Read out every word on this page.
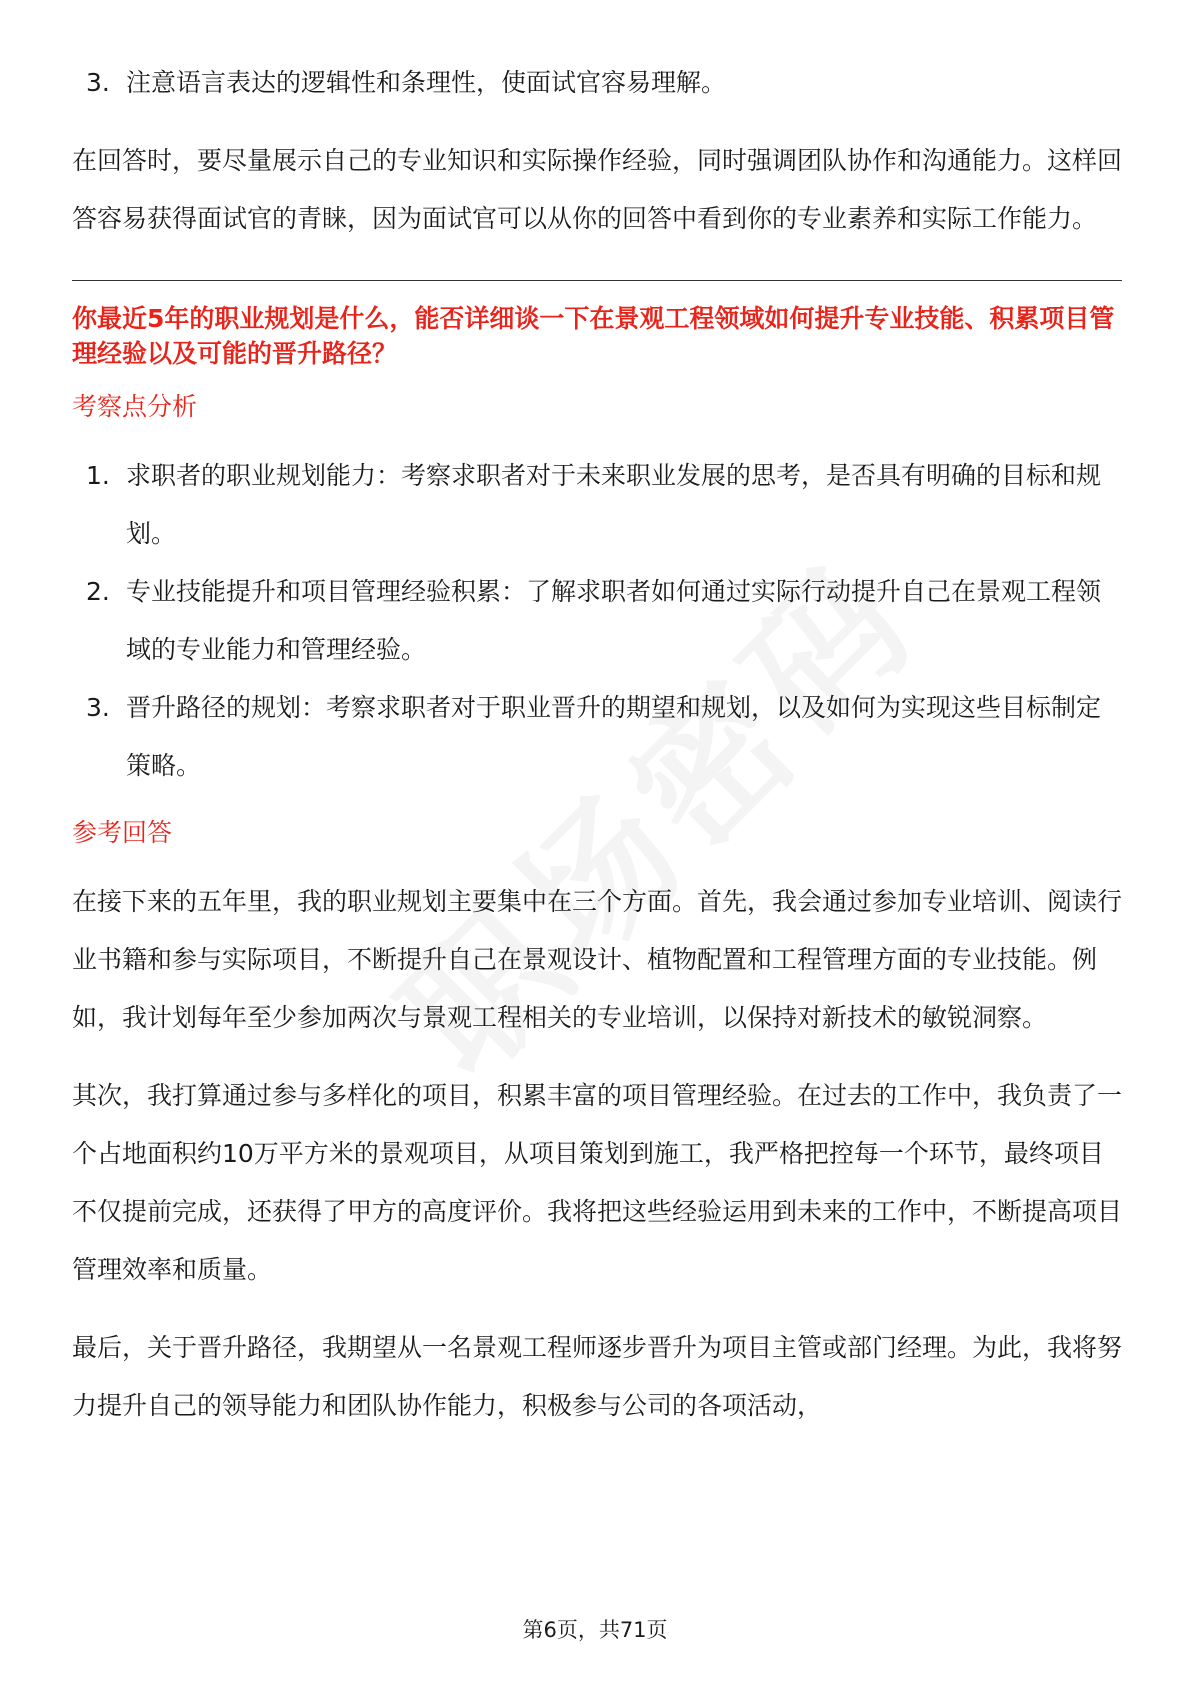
3. 注意语言表达的逻辑性和条理性，使面试官容易理解。

在回答时，要尽量展示自己的专业知识和实际操作经验，同时强调团队协作和沟通能力。这样回答容易获得面试官的青睐，因为面试官可以从你的回答中看到你的专业素养和实际工作能力。

你最近5年的职业规划是什么，能否详细谈一下在景观工程领域如何提升专业技能、积累项目管理经验以及可能的晋升路径？

考察点分析
1. 求职者的职业规划能力：考察求职者对于未来职业发展的思考，是否具有明确的目标和规划。
2. 专业技能提升和项目管理经验积累：了解求职者如何通过实际行动提升自己在景观工程领域的专业能力和管理经验。
3. 晋升路径的规划：考察求职者对于职业晋升的期望和规划，以及如何为实现这些目标制定策略。
参考回答

在接下来的五年里，我的职业规划主要集中在三个方面。首先，我会通过参加专业培训、阅读行业书籍和参与实际项目，不断提升自己在景观设计、植物配置和工程管理方面的专业技能。例如，我计划每年至少参加两次与景观工程相关的专业培训，以保持对新技术的敏锐洞察。

其次，我打算通过参与多样化的项目，积累丰富的项目管理经验。在过去的工作中，我负责了一个占地面积约10万平方米的景观项目，从项目策划到施工，我严格把控每一个环节，最终项目不仅提前完成，还获得了甲方的高度评价。我将把这些经验运用到未来的工作中，不断提高项目管理效率和质量。

最后，关于晋升路径，我期望从一名景观工程师逐步晋升为项目主管或部门经理。为此，我将努力提升自己的领导能力和团队协作能力，积极参与公司的各项活动，

第6页，共71页
